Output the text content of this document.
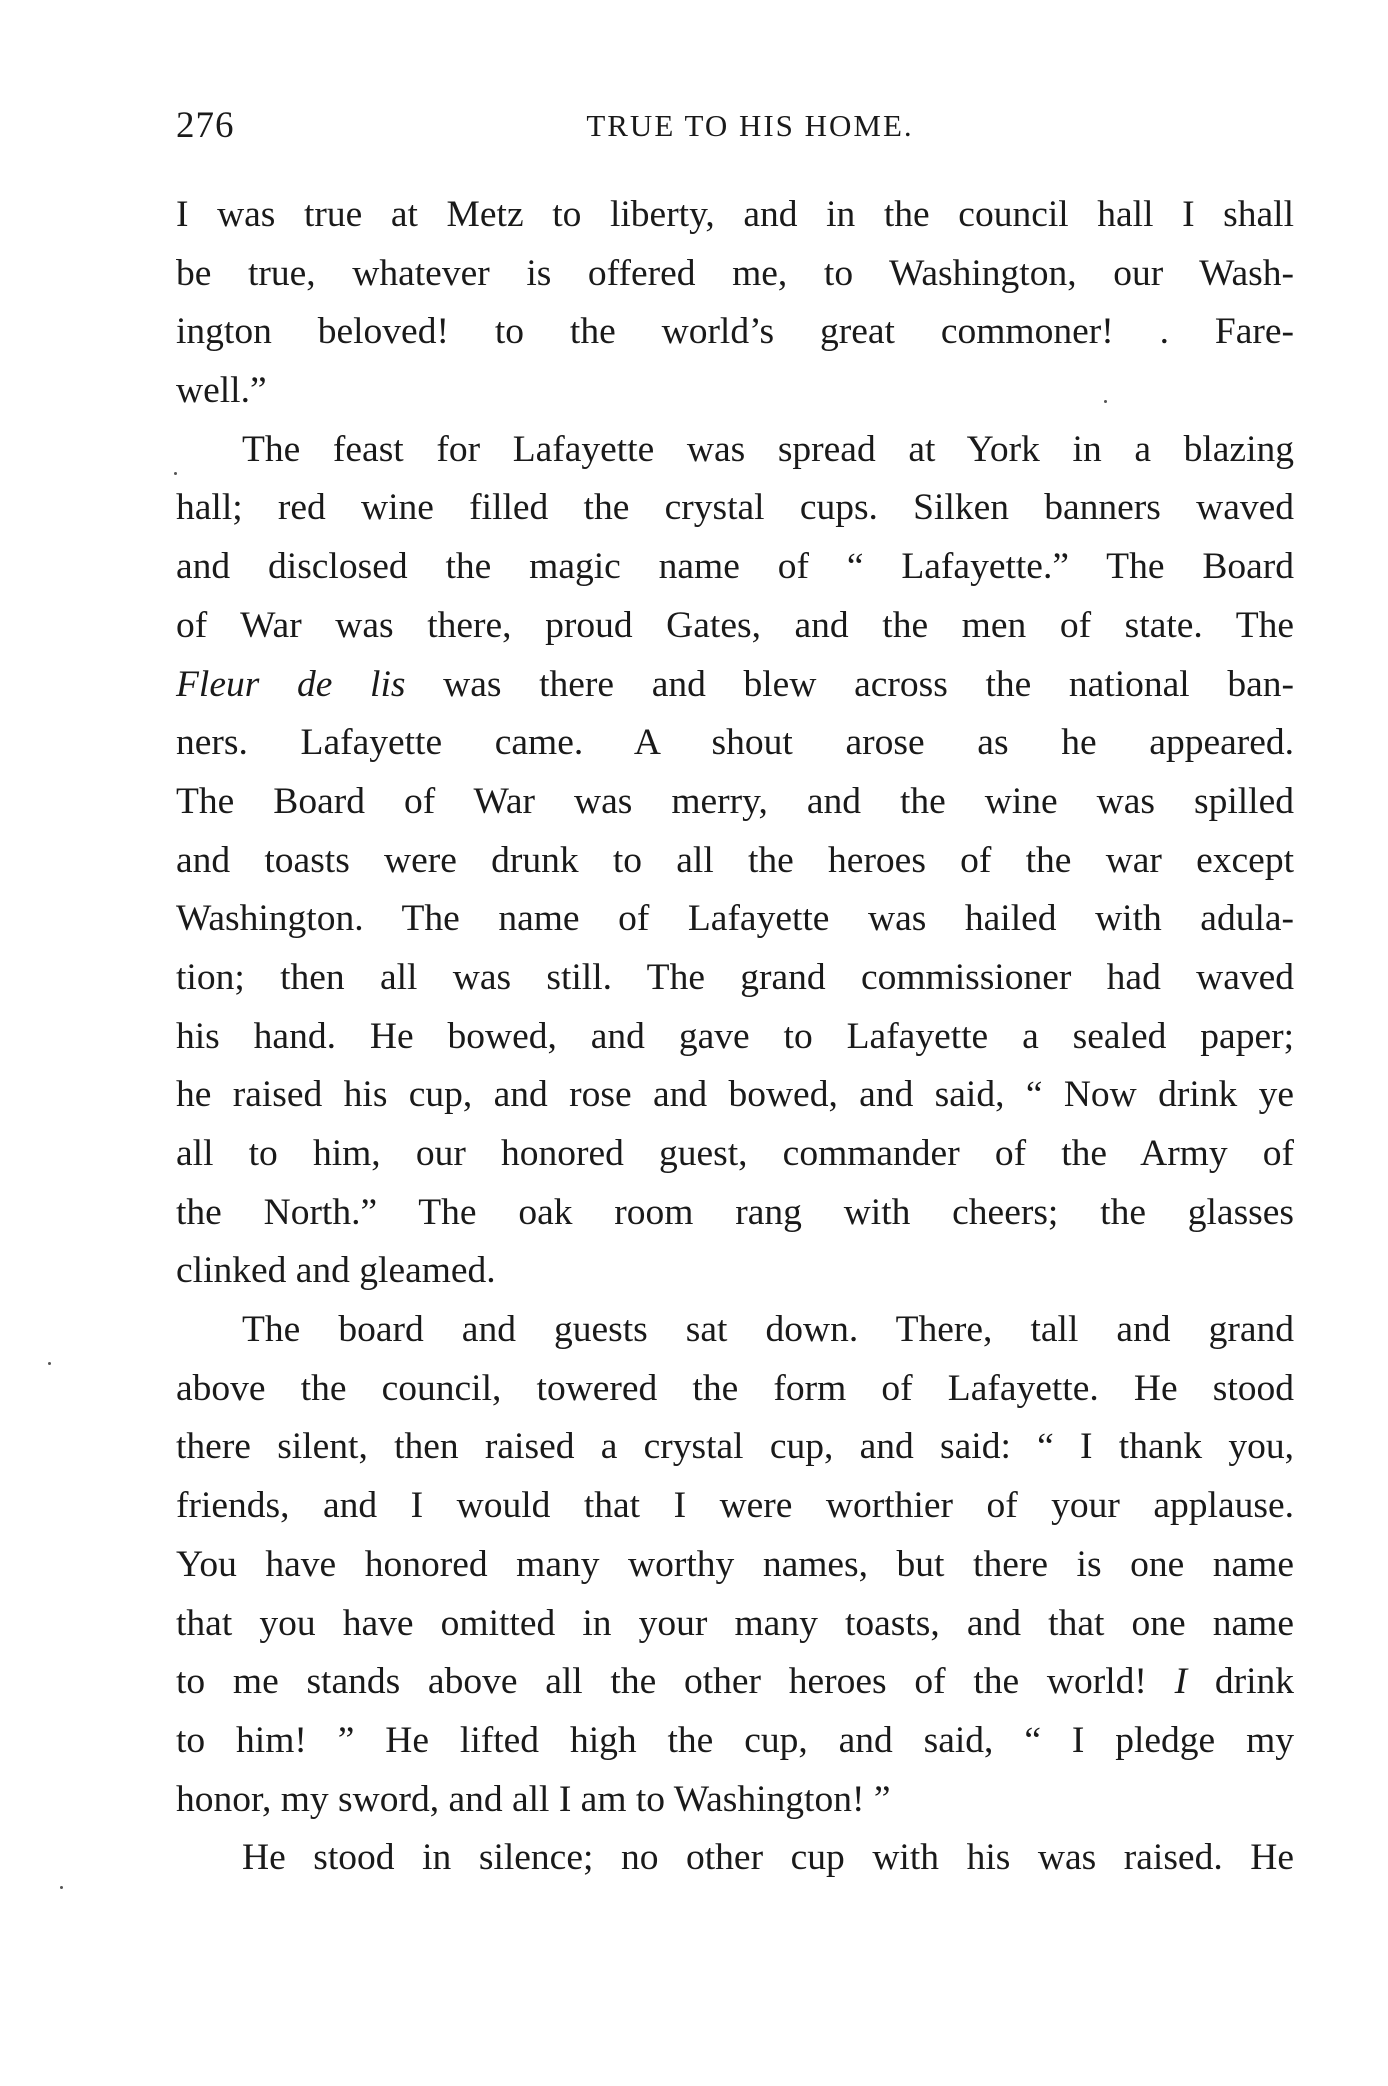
276	TRUE TO HIS HOME.
I was true at Metz to liberty, and in the council hall I shall
be true, whatever is offered me, to Washington, our Wash-
ington beloved! to the world’s great commoner! . Fare-
well.”
The feast for Lafayette was spread at York in a blazing
hall; red wine filled the crystal cups. Silken banners waved
and disclosed the magic name of “ Lafayette.” The Board
of War was there, proud Gates, and the men of state. The
Fleur de lis was there and blew across the national ban-
ners. Lafayette came. A shout arose as he appeared.
The Board of War was merry, and the wine was spilled
and toasts were drunk to all the heroes of the war except
Washington. The name of Lafayette was hailed with adula-
tion; then all was still. The grand commissioner had waved
his hand. He bowed, and gave to Lafayette a sealed paper;
he raised his cup, and rose and bowed, and said, “ Now drink ye
all to him, our honored guest, commander of the Army of
the North.” The oak room rang with cheers; the glasses
clinked and gleamed.
The board and guests sat down. There, tall and grand
above the council, towered the form of Lafayette. He stood
there silent, then raised a crystal cup, and said: “ I thank you,
friends, and I would that I were worthier of your applause.
You have honored many worthy names, but there is one name
that you have omitted in your many toasts, and that one name
to me stands above all the other heroes of the world! I drink
to him! ” He lifted high the cup, and said, “ I pledge my
honor, my sword, and all I am to Washington! ”
He stood in silence; no other cup with his was raised. He
